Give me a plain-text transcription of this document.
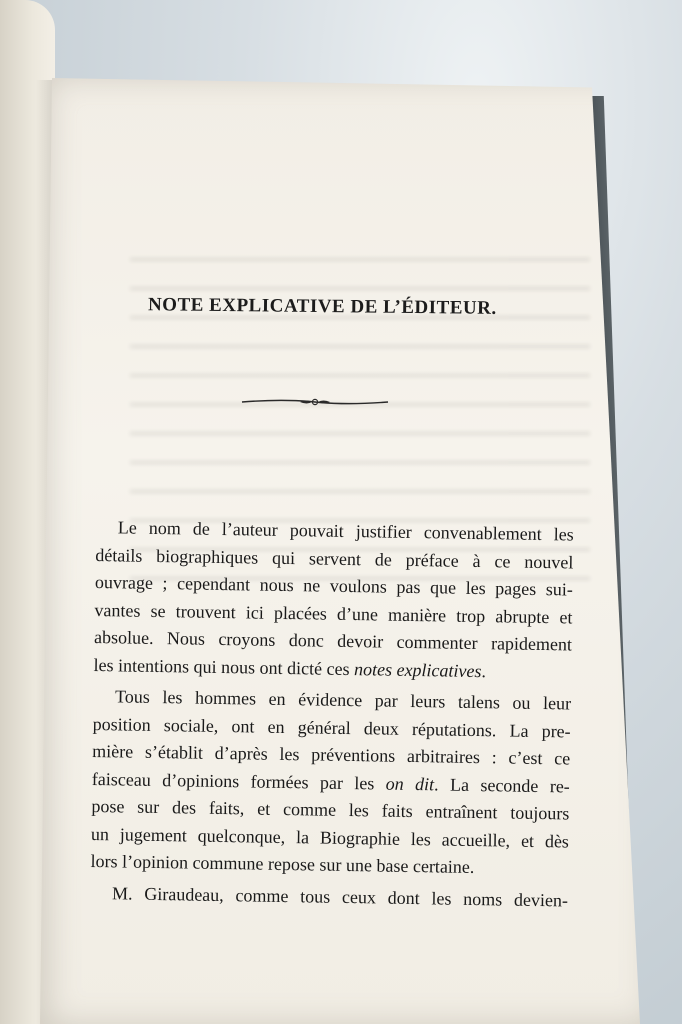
NOTE EXPLICATIVE DE L’ÉDITEUR.

Le nom de l’auteur pouvait justifier convenablement les
détails biographiques qui servent de préface à ce nouvel
ouvrage ; cependant nous ne voulons pas que les pages sui-
vantes se trouvent ici placées d’une manière trop abrupte et
absolue. Nous croyons donc devoir commenter rapidement
les intentions qui nous ont dicté ces notes explicatives.

Tous les hommes en évidence par leurs talens ou leur
position sociale, ont en général deux réputations. La pre-
mière s’établit d’après les préventions arbitraires : c’est ce
faisceau d’opinions formées par les on dit. La seconde re-
pose sur des faits, et comme les faits entraînent toujours
un jugement quelconque, la Biographie les accueille, et dès
lors l’opinion commune repose sur une base certaine.

M. Giraudeau, comme tous ceux dont les noms devien-
